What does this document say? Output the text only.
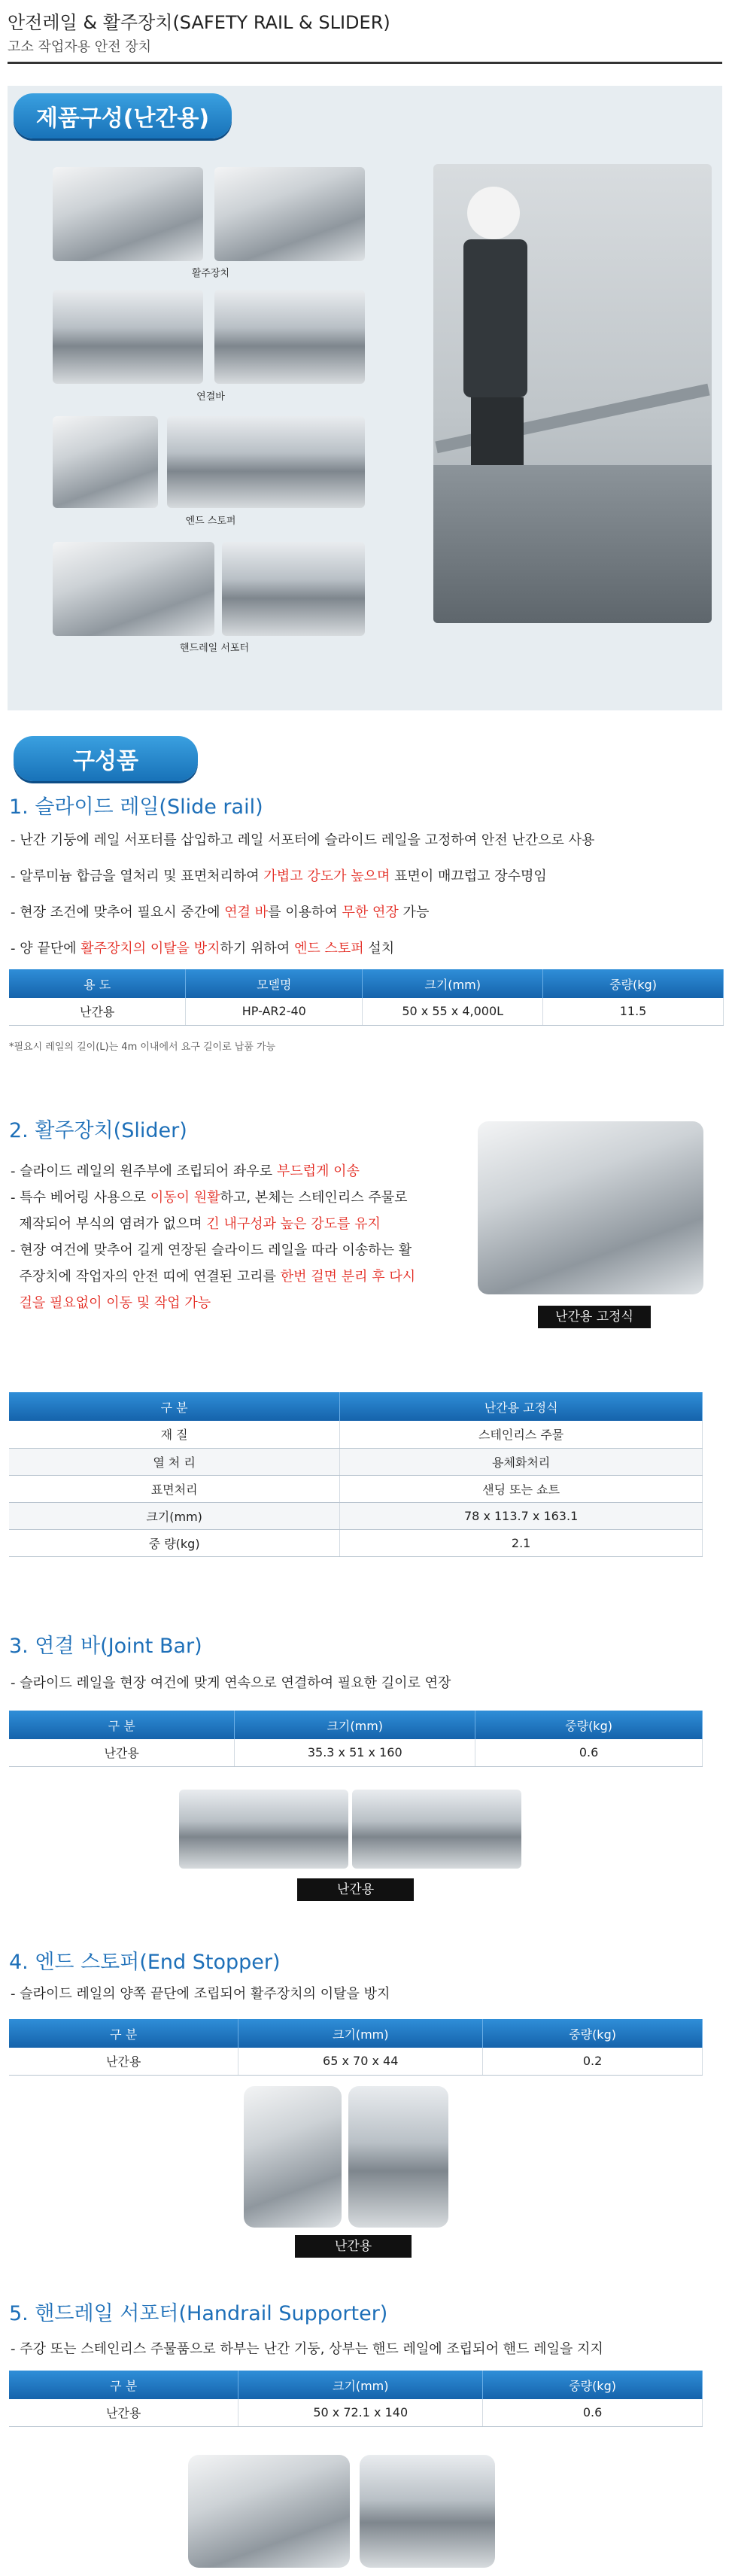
안전레일 & 활주장치(SAFETY RAIL & SLIDER)
고소 작업자용 안전 장치
제품구성(난간용)
활주장치
연결바
엔드 스토퍼
핸드레일 서포터
구성품
1. 슬라이드 레일(Slide rail)
- 난간 기둥에 레일 서포터를 삽입하고 레일 서포터에 슬라이드 레일을 고정하여 안전 난간으로 사용
- 알루미늄 합금을 열처리 및 표면처리하여 가볍고 강도가 높으며 표면이 매끄럽고 장수명임
- 현장 조건에 맞추어 필요시 중간에 연결 바를 이용하여 무한 연장 가능
- 양 끝단에 활주장치의 이탈을 방지하기 위하여 엔드 스토퍼 설치
용 도	모델명	크기(mm)	중량(kg)
난간용	HP-AR2-40	50 x 55 x 4,000L	11.5
*필요시 레일의 길이(L)는 4m 이내에서 요구 길이로 납품 가능
2. 활주장치(Slider)
- 슬라이드 레일의 원주부에 조립되어 좌우로 부드럽게 이송
- 특수 베어링 사용으로 이동이 원활하고, 본체는 스테인리스 주물로
제작되어 부식의 염려가 없으며 긴 내구성과 높은 강도를 유지
- 현장 여건에 맞추어 길게 연장된 슬라이드 레일을 따라 이송하는 활
주장치에 작업자의 안전 띠에 연결된 고리를 한번 걸면 분리 후 다시
걸을 필요없이 이동 및 작업 가능
난간용 고정식
구 분	난간용 고정식
재 질	스테인리스 주물
열 처 리	용체화처리
표면처리	샌딩 또는 쇼트
크기(mm)	78 x 113.7 x 163.1
중 량(kg)	2.1
3. 연결 바(Joint Bar)
- 슬라이드 레일을 현장 여건에 맞게 연속으로 연결하여 필요한 길이로 연장
구 분	크기(mm)	중량(kg)
난간용	35.3 x 51 x 160	0.6
난간용
4. 엔드 스토퍼(End Stopper)
- 슬라이드 레일의 양쪽 끝단에 조립되어 활주장치의 이탈을 방지
구 분	크기(mm)	중량(kg)
난간용	65 x 70 x 44	0.2
난간용
5. 핸드레일 서포터(Handrail Supporter)
- 주강 또는 스테인리스 주물품으로 하부는 난간 기둥, 상부는 핸드 레일에 조립되어 핸드 레일을 지지
구 분	크기(mm)	중량(kg)
난간용	50 x 72.1 x 140	0.6
